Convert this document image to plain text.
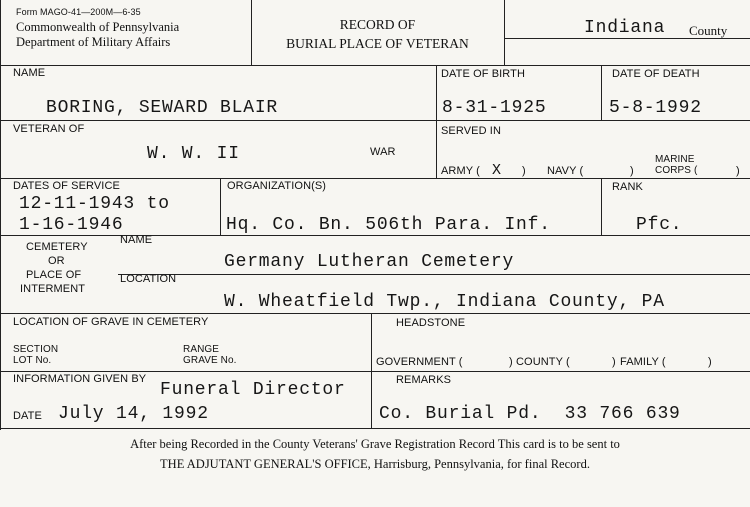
Form MAGO-41—200M—6-35
Commonwealth of Pennsylvania
Department of Military Affairs
RECORD OF
BURIAL PLACE OF VETERAN
Indiana County
NAME
BORING, SEWARD BLAIR
DATE OF BIRTH
8-31-1925
DATE OF DEATH
5-8-1992
VETERAN OF
W. W. II	WAR
SERVED IN
ARMY ( X ) NAVY (	)
MARINE
CORPS (	)
DATES OF SERVICE
12-11-1943 to
1-16-1946
ORGANIZATION(S)
Hq. Co. Bn. 506th Para. Inf.
RANK
Pfc.
CEMETERY
OR
PLACE OF
INTERMENT
NAME
Germany Lutheran Cemetery
LOCATION
W. Wheatfield Twp., Indiana County, PA
LOCATION OF GRAVE IN CEMETERY
SECTION
LOT No.
RANGE
GRAVE No.
HEADSTONE
GOVERNMENT (	) COUNTY (	) FAMILY (	)
INFORMATION GIVEN BY
Funeral Director
DATE July 14, 1992
REMARKS
Co. Burial Pd.  33 766 639
After being Recorded in the County Veterans' Grave Registration Record This card is to be sent to
THE ADJUTANT GENERAL'S OFFICE, Harrisburg, Pennsylvania, for final Record.
